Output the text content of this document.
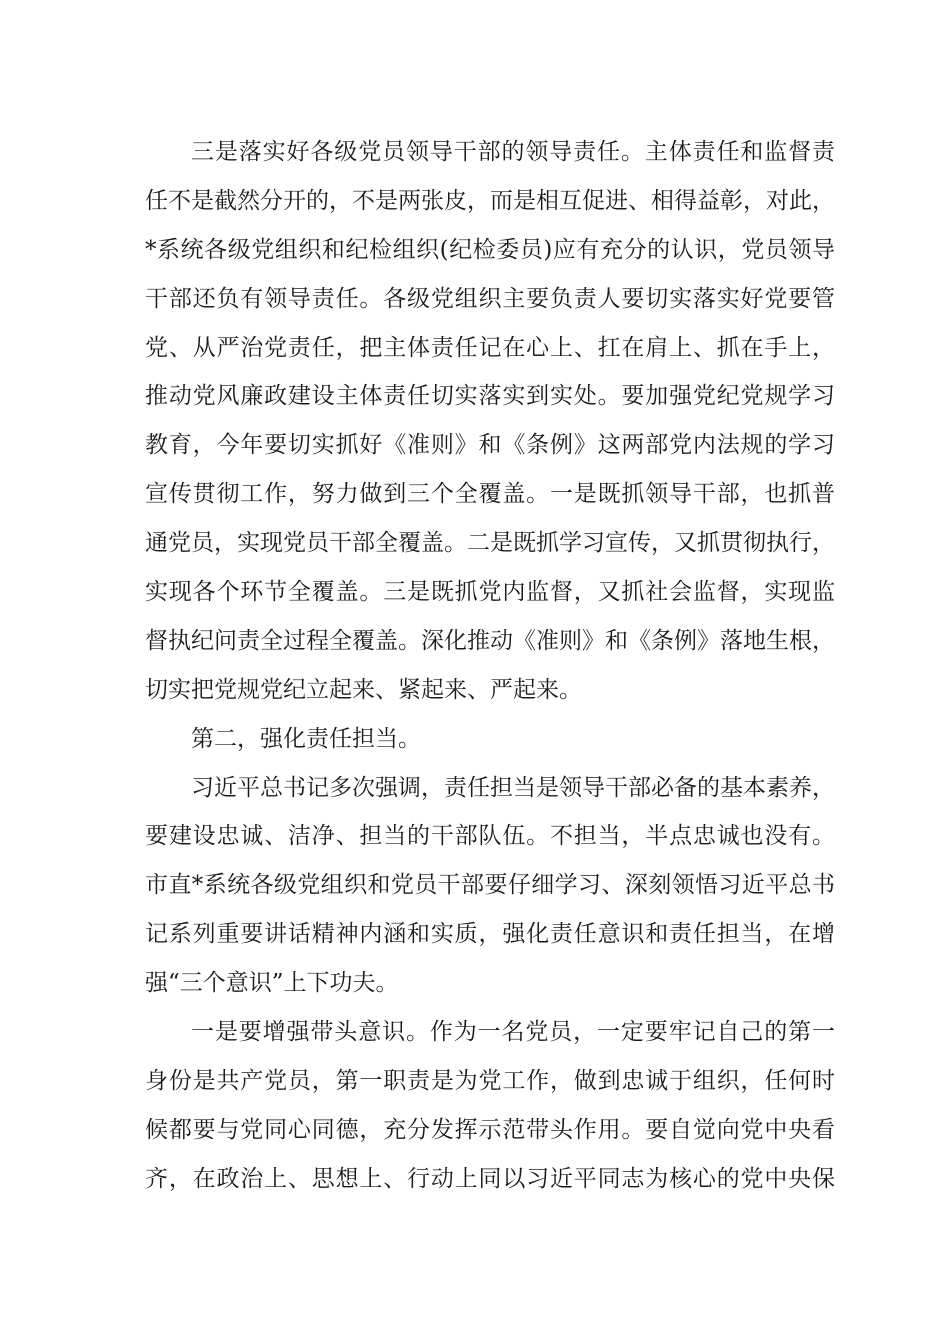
三是落实好各级党员领导干部的领导责任。主体责任和监督责
任不是截然分开的，不是两张皮，而是相互促进、相得益彰，对此，
*系统各级党组织和纪检组织(纪检委员)应有充分的认识，党员领导
干部还负有领导责任。各级党组织主要负责人要切实落实好党要管
党、从严治党责任，把主体责任记在心上、扛在肩上、抓在手上，
推动党风廉政建设主体责任切实落实到实处。要加强党纪党规学习
教育，今年要切实抓好《准则》和《条例》这两部党内法规的学习
宣传贯彻工作，努力做到三个全覆盖。一是既抓领导干部，也抓普
通党员，实现党员干部全覆盖。二是既抓学习宣传，又抓贯彻执行，
实现各个环节全覆盖。三是既抓党内监督，又抓社会监督，实现监
督执纪问责全过程全覆盖。深化推动《准则》和《条例》落地生根，
切实把党规党纪立起来、紧起来、严起来。
第二，强化责任担当。
习近平总书记多次强调，责任担当是领导干部必备的基本素养，
要建设忠诚、洁净、担当的干部队伍。不担当，半点忠诚也没有。
市直*系统各级党组织和党员干部要仔细学习、深刻领悟习近平总书
记系列重要讲话精神内涵和实质，强化责任意识和责任担当，在增
强“三个意识”上下功夫。
一是要增强带头意识。作为一名党员，一定要牢记自己的第一
身份是共产党员，第一职责是为党工作，做到忠诚于组织，任何时
候都要与党同心同德，充分发挥示范带头作用。要自觉向党中央看
齐，在政治上、思想上、行动上同以习近平同志为核心的党中央保
